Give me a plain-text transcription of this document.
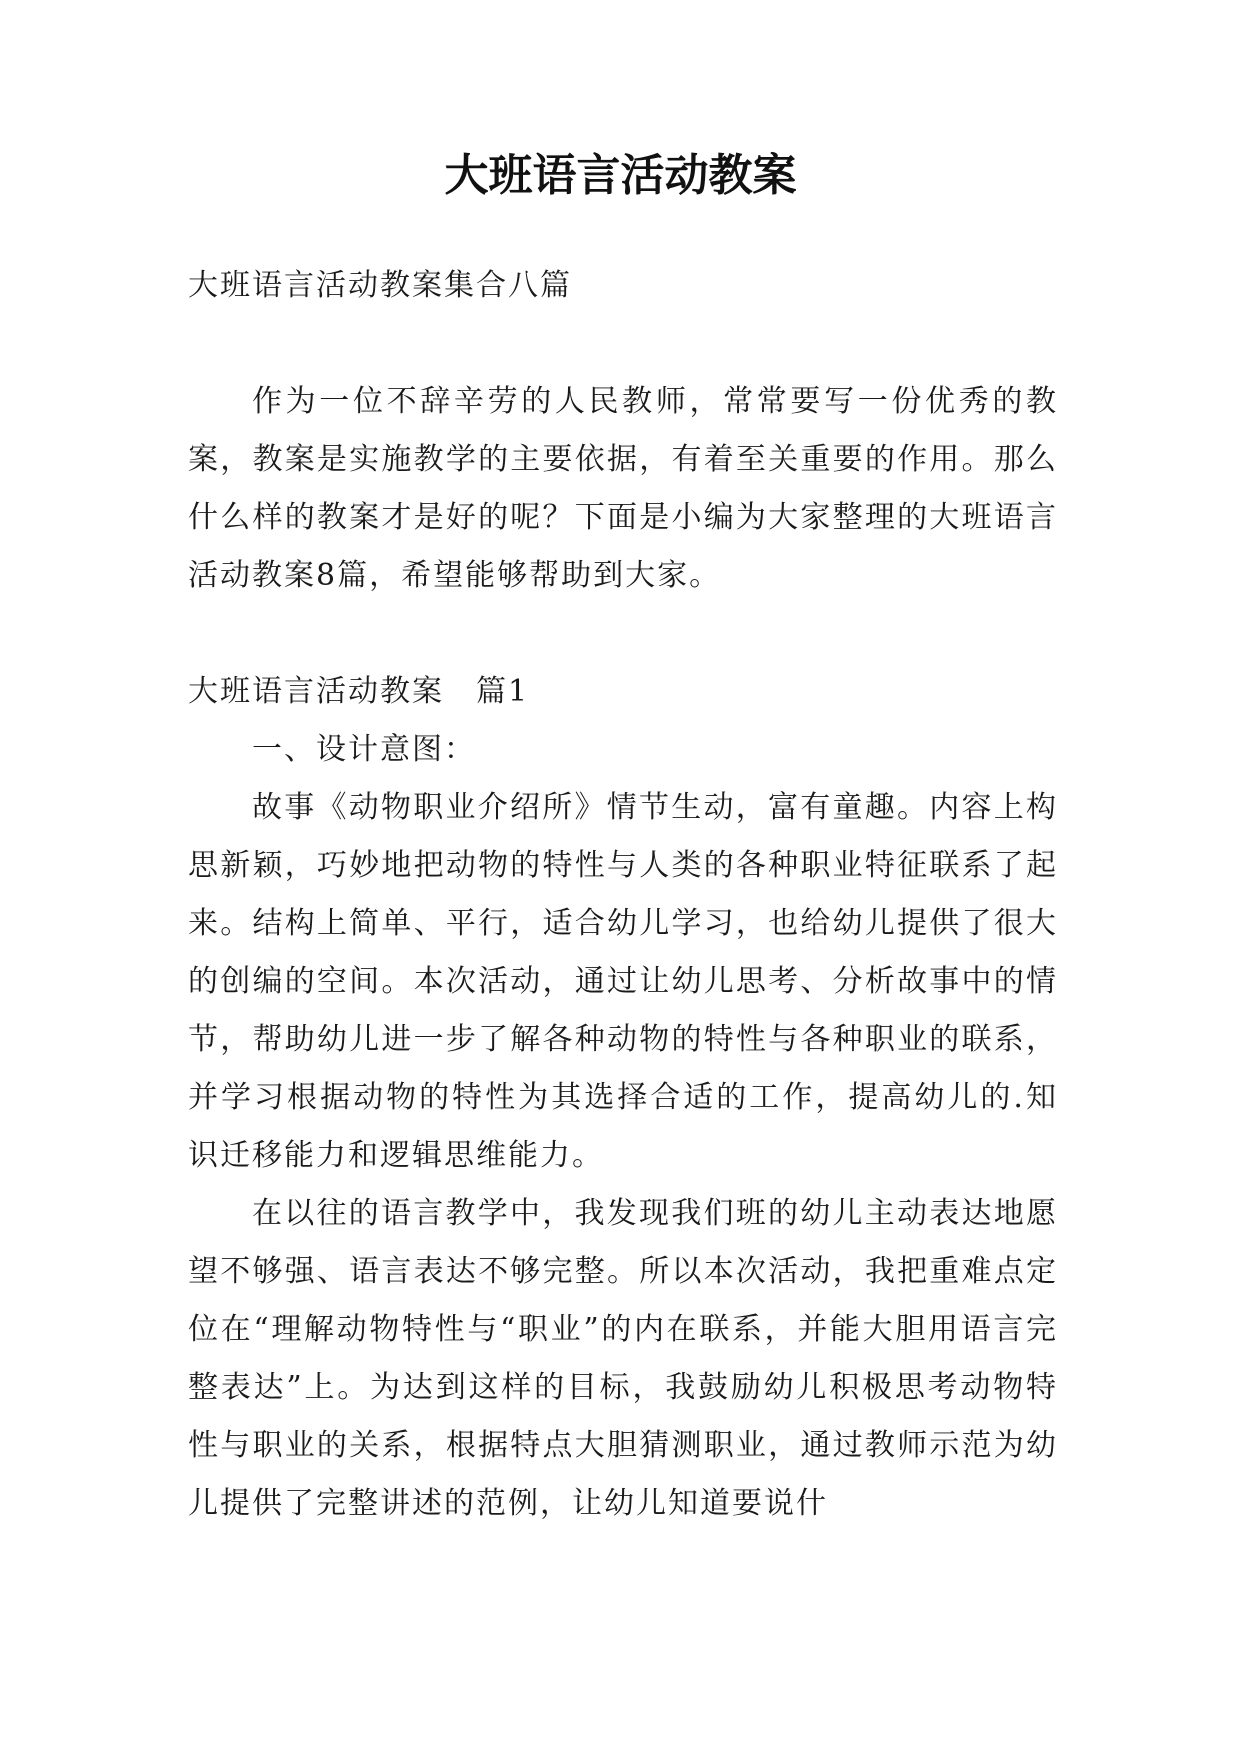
大班语言活动教案

大班语言活动教案集合八篇

作为一位不辞辛劳的人民教师，常常要写一份优秀的教案，教案是实施教学的主要依据，有着至关重要的作用。那么什么样的教案才是好的呢？下面是小编为大家整理的大班语言活动教案8篇，希望能够帮助到大家。

大班语言活动教案　篇1

一、设计意图：

故事《动物职业介绍所》情节生动，富有童趣。内容上构思新颖，巧妙地把动物的特性与人类的各种职业特征联系了起来。结构上简单、平行，适合幼儿学习，也给幼儿提供了很大的创编的空间。本次活动，通过让幼儿思考、分析故事中的情节，帮助幼儿进一步了解各种动物的特性与各种职业的联系，并学习根据动物的特性为其选择合适的工作，提高幼儿的.知识迁移能力和逻辑思维能力。

在以往的语言教学中，我发现我们班的幼儿主动表达地愿望不够强、语言表达不够完整。所以本次活动，我把重难点定位在“理解动物特性与“职业”的内在联系，并能大胆用语言完整表达”上。为达到这样的目标，我鼓励幼儿积极思考动物特性与职业的关系，根据特点大胆猜测职业，通过教师示范为幼儿提供了完整讲述的范例，让幼儿知道要说什
